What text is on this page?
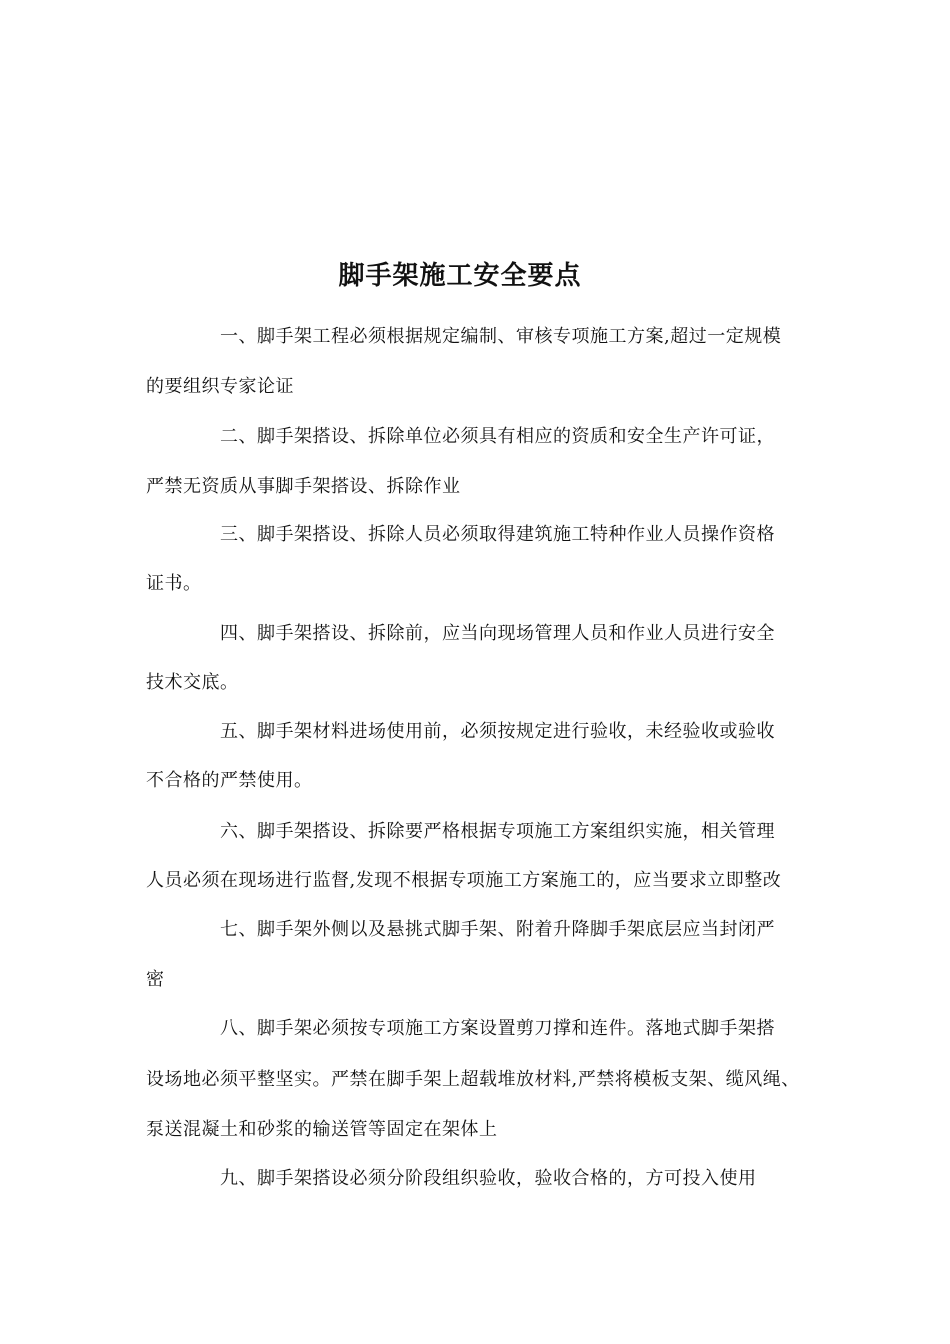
脚手架施工安全要点
一、脚手架工程必须根据规定编制、审核专项施工方案,超过一定规模
的要组织专家论证
二、脚手架搭设、拆除单位必须具有相应的资质和安全生产许可证，
严禁无资质从事脚手架搭设、拆除作业
三、脚手架搭设、拆除人员必须取得建筑施工特种作业人员操作资格
证书。
四、脚手架搭设、拆除前，应当向现场管理人员和作业人员进行安全
技术交底。
五、脚手架材料进场使用前，必须按规定进行验收，未经验收或验收
不合格的严禁使用。
六、脚手架搭设、拆除要严格根据专项施工方案组织实施，相关管理
人员必须在现场进行监督,发现不根据专项施工方案施工的，应当要求立即整改
七、脚手架外侧以及悬挑式脚手架、附着升降脚手架底层应当封闭严
密
八、脚手架必须按专项施工方案设置剪刀撑和连件。落地式脚手架搭
设场地必须平整坚实。严禁在脚手架上超载堆放材料,严禁将模板支架、缆风绳、
泵送混凝土和砂浆的输送管等固定在架体上
九、脚手架搭设必须分阶段组织验收，验收合格的，方可投入使用
